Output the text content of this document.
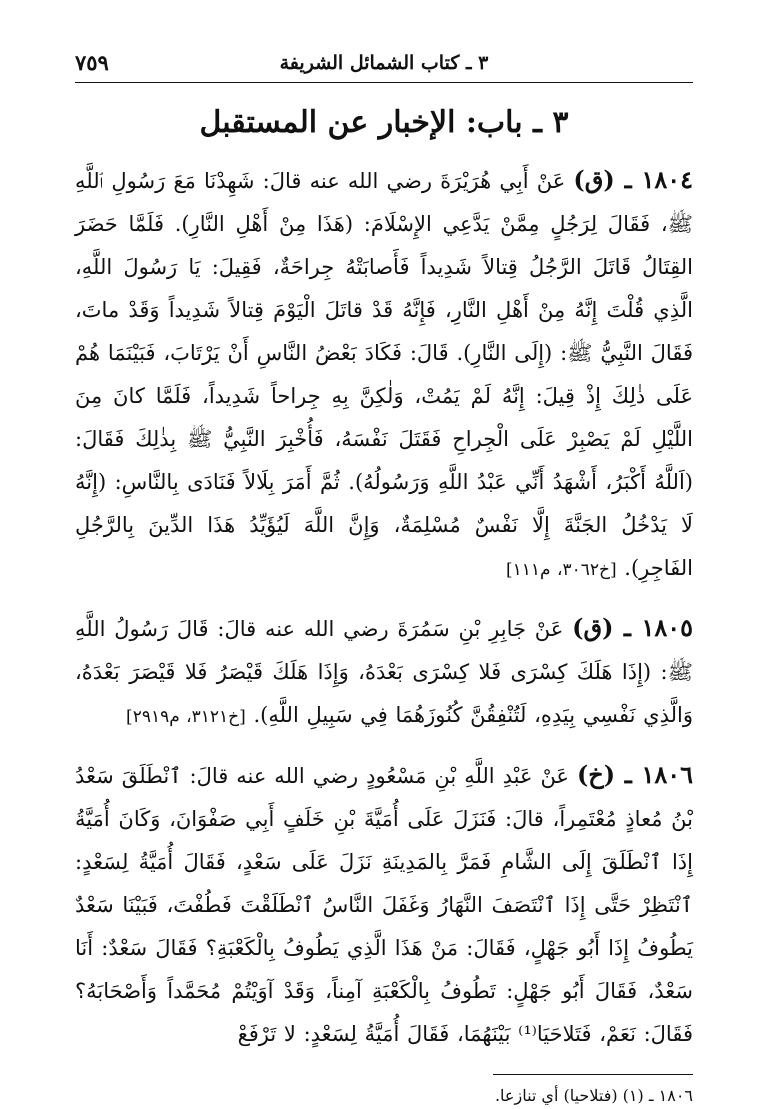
٣ ـ كتاب الشمائل الشريفة
٧٥٩
٣ ـ باب: الإخبار عن المستقبل

١٨٠٤ ـ (ق) عَنْ أَبِي هُرَيْرَةَ رضي الله عنه قالَ: شَهِدْنَا مَعَ رَسُولِ ٱللَّهِ ﷺ، فَقَالَ لِرَجُلٍ مِمَّنْ يَدَّعِي الإِسْلَامَ: (هَذَا مِنْ أَهْلِ النَّارِ). فَلَمَّا حَضَرَ القِتَالُ قَاتَلَ الرَّجُلُ قِتالاً شَدِيداً فَأَصابَتْهُ جِراحَةٌ، فَقِيلَ: يَا رَسُولَ اللَّهِ، الَّذِي قُلْتَ إِنَّهُ مِنْ أَهْلِ النَّارِ، فَإِنَّهُ قَدْ قاتَلَ الْيَوْمَ قِتالاً شَدِيداً وَقَدْ ماتَ، فَقَالَ النَّبِيُّ ﷺ: (إِلَى النَّارِ). قَالَ: فَكَادَ بَعْضُ النَّاسِ أَنْ يَرْتَابَ، فَبَيْنَمَا هُمْ عَلَى ذٰلِكَ إِذْ قِيلَ: إِنَّهُ لَمْ يَمُتْ، وَلٰكِنَّ بِهِ جِراحاً شَدِيداً، فَلَمَّا كانَ مِنَ اللَّيْلِ لَمْ يَصْبِرْ عَلَى الْجِراحِ فَقَتَلَ نَفْسَهُ، فَأُخْبِرَ النَّبِيُّ ﷺ بِذٰلِكَ فَقَالَ: (اَللَّهُ أَكْبَرُ، أَشْهَدُ أَنِّي عَبْدُ اللَّهِ وَرَسُولُهُ). ثُمَّ أَمَرَ بِلَالاً فَنَادَى بِالنَّاسِ: (إِنَّهُ لَا يَدْخُلُ الجَنَّةَ إِلَّا نَفْسٌ مُسْلِمَةٌ، وَإِنَّ اللَّهَ لَيُؤَيِّدُ هَذَا الدِّينَ بِالرَّجُلِ الفَاجِرِ). [خ٣٠٦٢، م١١١]

١٨٠٥ ـ (ق) عَنْ جَابِرِ بْنِ سَمُرَةَ رضي الله عنه قالَ: قَالَ رَسُولُ اللَّهِ ﷺ: (إِذَا هَلَكَ كِسْرَى فَلا كِسْرَى بَعْدَهُ، وَإِذَا هَلَكَ قَيْصَرُ فَلا قَيْصَرَ بَعْدَهُ، وَالَّذِي نَفْسِي بِيَدِهِ، لَتُنْفِقُنَّ كُنُوزَهُمَا فِي سَبِيلِ اللَّهِ). [خ٣١٢١، م٢٩١٩]

١٨٠٦ ـ (خ) عَنْ عَبْدِ اللَّهِ بْنِ مَسْعُودٍ رضي الله عنه قالَ: ٱنْطَلَقَ سَعْدُ بْنُ مُعاذٍ مُعْتَمِراً، قالَ: فَنَزَلَ عَلَى أُمَيَّةَ بْنِ خَلَفٍ أَبِي صَفْوَانَ، وَكَانَ أُمَيَّةُ إِذَا ٱنْطَلَقَ إِلَى الشَّامِ فَمَرَّ بِالمَدِينَةِ نَزَلَ عَلَى سَعْدٍ، فَقَالَ أُمَيَّةُ لِسَعْدٍ: ٱنْتَظِرْ حَتَّى إِذَا ٱنْتَصَفَ النَّهَارُ وَغَفَلَ النَّاسُ ٱنْطَلَقْتَ فَطُفْتَ، فَبَيْنَا سَعْدٌ يَطُوفُ إِذَا أَبُو جَهْلٍ، فَقَالَ: مَنْ هَذَا الَّذِي يَطُوفُ بِالْكَعْبَةِ؟ فَقَالَ سَعْدٌ: أَنَا سَعْدٌ، فَقَالَ أَبُو جَهْلٍ: تَطُوفُ بِالْكَعْبَةِ آمِناً، وَقَدْ آوَيْتُمْ مُحَمَّداً وَأَصْحَابَهُ؟ فَقَالَ: نَعَمْ، فَتَلاحَيَا⁽¹⁾ بَيْنَهُمَا، فَقَالَ أُمَيَّةُ لِسَعْدٍ: لا تَرْفَعْ

١٨٠٦ ـ (١) (فتلاحيا) أي تنازعا.
